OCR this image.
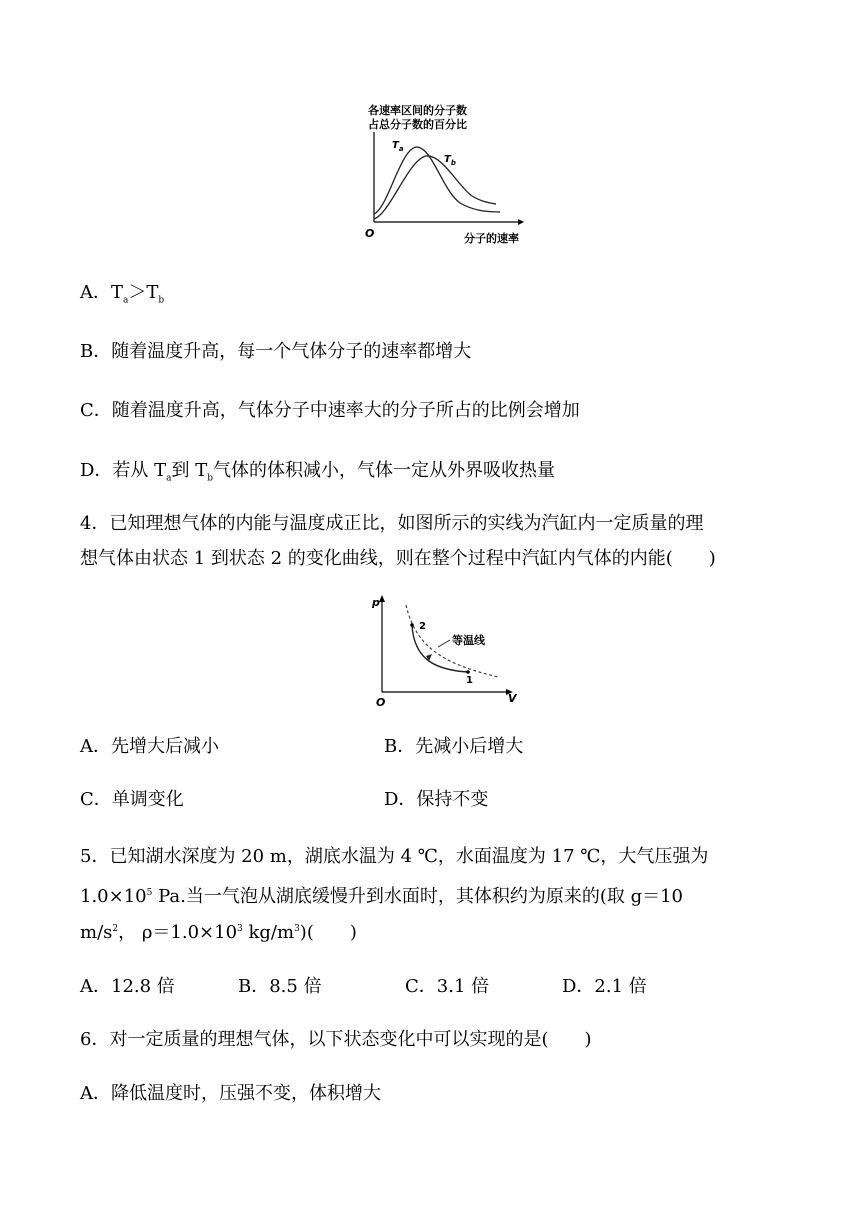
各速率区间的分子数
占总分子数的百分比
$T_a$
$T_b$
O	分子的速率
A．$T_a>T_b$
B．随着温度升高，每一个气体分子的速率都增大
C．随着温度升高，气体分子中速率大的分子所占的比例会增加
D．若从 $T_a$到 $T_b$气体的体积减小，气体一定从外界吸收热量
4．已知理想气体的内能与温度成正比，如图所示的实线为汽缸内一定质量的理
想气体由状态 1 到状态 2 的变化曲线，则在整个过程中汽缸内气体的内能(　　)
p
V
O
2
1
等温线
A．先增大后减小	B．先减小后增大
C．单调变化	D．保持不变
5．已知湖水深度为 20 m，湖底水温为 4 ℃，水面温度为 17 ℃，大气压强为
$1.0\times 10^5$ Pa.当一气泡从湖底缓慢升到水面时，其体积约为原来的(取 g＝10
$m/s^2$， $\rho=1.0\times 10^3$ $kg/m^3$)(　　)
A．12.8 倍	B．8.5 倍	C．3.1 倍	D．2.1 倍
6．对一定质量的理想气体，以下状态变化中可以实现的是(　　)
A．降低温度时，压强不变，体积增大
